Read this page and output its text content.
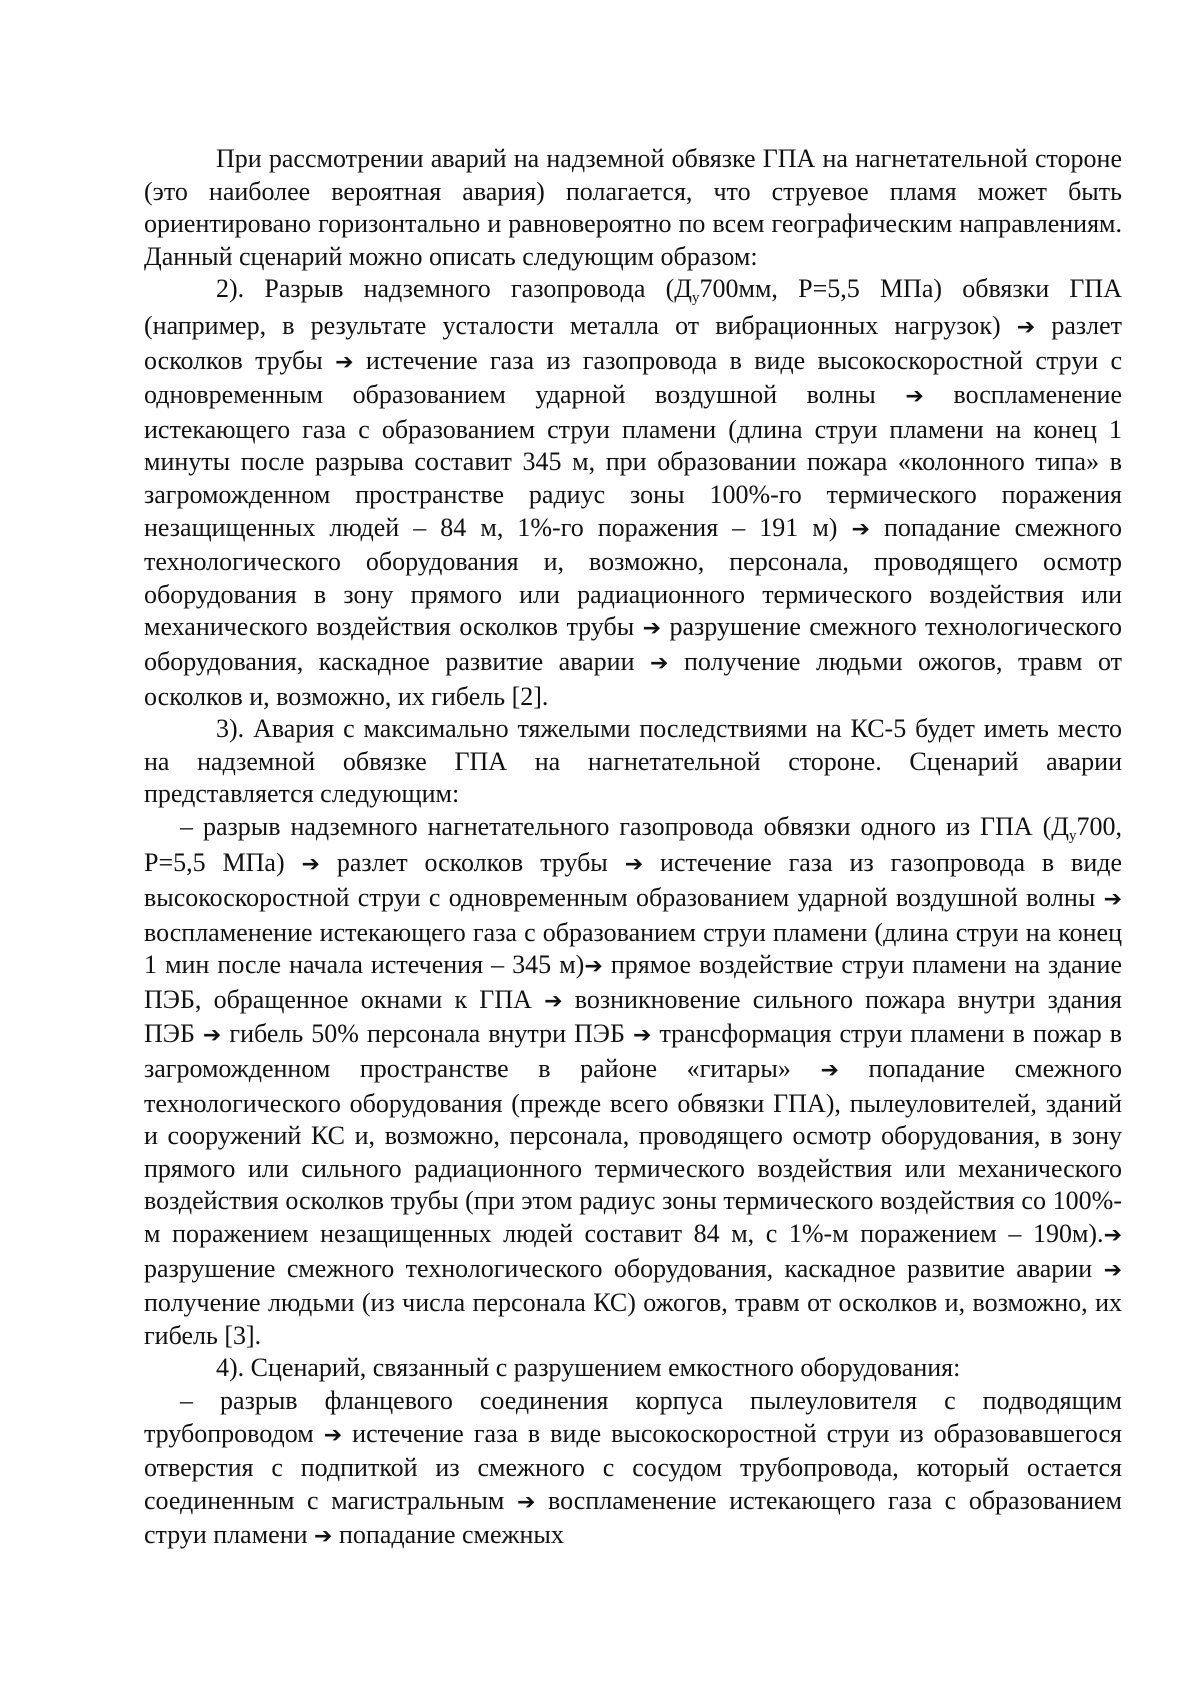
При рассмотрении аварий на надземной обвязке ГПА на нагнетательной стороне (это наиболее вероятная авария) полагается, что струевое пламя может быть ориентировано горизонтально и равновероятно по всем географическим направлениям. Данный сценарий можно описать следующим образом:

2). Разрыв надземного газопровода ($Д_у700мм$, Р=5,5 МПа) обвязки ГПА (например, в результате усталости металла от вибрационных нагрузок) ➔ разлет осколков трубы ➔ истечение газа из газопровода в виде высокоскоростной струи с одновременным образованием ударной воздушной волны ➔ воспламенение истекающего газа с образованием струи пламени (длина струи пламени на конец 1 минуты после разрыва составит 345 м, при образовании пожара «колонного типа» в загроможденном пространстве радиус зоны 100%-го термического поражения незащищенных людей – 84 м, 1%-го поражения – 191 м) ➔ попадание смежного технологического оборудования и, возможно, персонала, проводящего осмотр оборудования в зону прямого или радиационного термического воздействия или механического воздействия осколков трубы ➔ разрушение смежного технологического оборудования, каскадное развитие аварии ➔ получение людьми ожогов, травм от осколков и, возможно, их гибель [2].

3). Авария с максимально тяжелыми последствиями на КС-5 будет иметь место на надземной обвязке ГПА на нагнетательной стороне. Сценарий аварии представляется следующим:

– разрыв надземного нагнетательного газопровода обвязки одного из ГПА ($Д_у700$, Р=5,5 МПа) ➔ разлет осколков трубы ➔ истечение газа из газопровода в виде высокоскоростной струи с одновременным образованием ударной воздушной волны ➔ воспламенение истекающего газа с образованием струи пламени (длина струи на конец 1 мин после начала истечения – 345 м)➔ прямое воздействие струи пламени на здание ПЭБ, обращенное окнами к ГПА ➔ возникновение сильного пожара внутри здания ПЭБ ➔ гибель 50% персонала внутри ПЭБ ➔ трансформация струи пламени в пожар в загроможденном пространстве в районе «гитары» ➔ попадание смежного технологического оборудования (прежде всего обвязки ГПА), пылеуловителей, зданий и сооружений КС и, возможно, персонала, проводящего осмотр оборудования, в зону прямого или сильного радиационного термического воздействия или механического воздействия осколков трубы (при этом радиус зоны термического воздействия со 100%-м поражением незащищенных людей составит 84 м, с 1%-м поражением – 190м).➔ разрушение смежного технологического оборудования, каскадное развитие аварии ➔ получение людьми (из числа персонала КС) ожогов, травм от осколков и, возможно, их гибель [3].

4). Сценарий, связанный с разрушением емкостного оборудования:

– разрыв фланцевого соединения корпуса пылеуловителя с подводящим трубопроводом ➔ истечение газа в виде высокоскоростной струи из образовавшегося отверстия с подпиткой из смежного с сосудом трубопровода, который остается соединенным с магистральным ➔ воспламенение истекающего газа с образованием струи пламени ➔ попадание смежных
